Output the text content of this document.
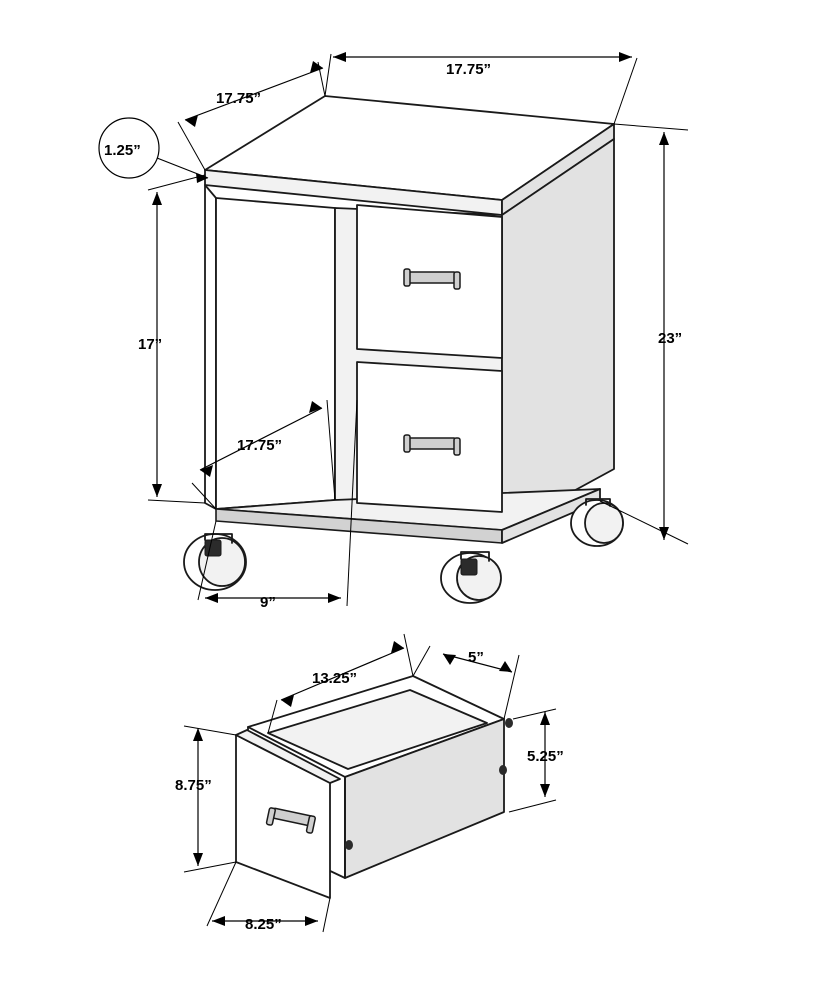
17.75”
17.75”
1.25”
17”	23”
17.75”
9”
13.25”
5”
5.25”
8.75”
8.25”
